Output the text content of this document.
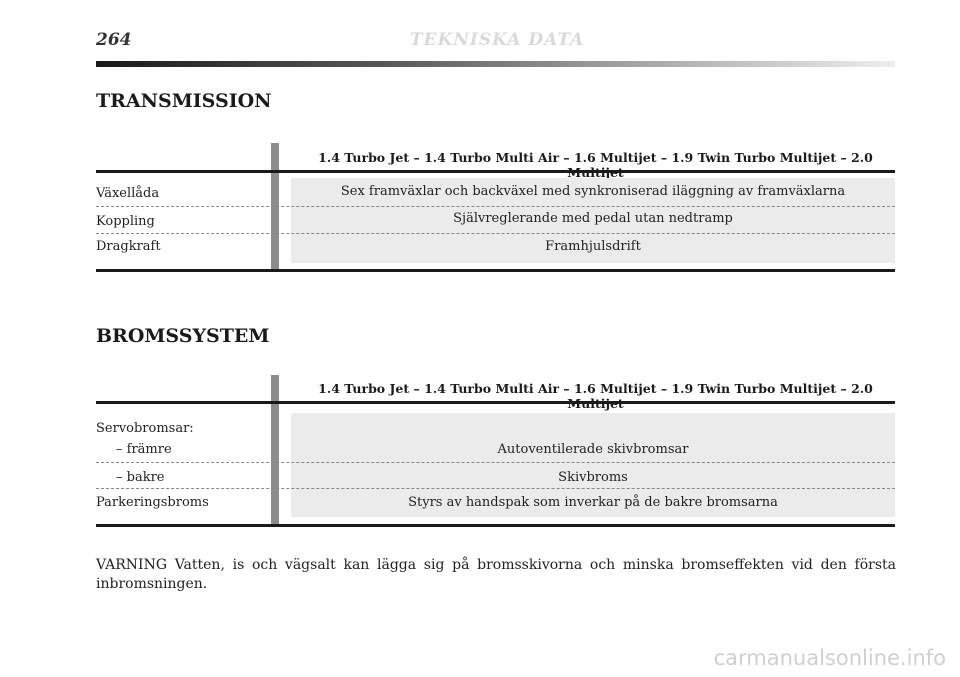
264	TEKNISKA DATA
TRANSMISSION
1.4 Turbo Jet – 1.4 Turbo Multi Air – 1.6 Multijet – 1.9 Twin Turbo Multijet – 2.0
Växellåda	Sex framväxlar och backväxel med synkroniserad iläggning av framväxlarna
Koppling	Självreglerande med pedal utan nedtramp
Dragkraft	Framhjulsdrift
BROMSSYSTEM
1.4 Turbo Jet – 1.4 Turbo Multi Air – 1.6 Multijet – 1.9 Twin Turbo Multijet – 2.0
Servobromsar:
– främre	Autoventilerade skivbromsar
– bakre	Skivbroms
Parkeringsbroms	Styrs av handspak som inverkar på de bakre bromsarna
VARNING Vatten, is och vägsalt kan lägga sig på bromsskivorna och minska bromseffekten vid den första inbromsningen.
carmanualsonline.info
